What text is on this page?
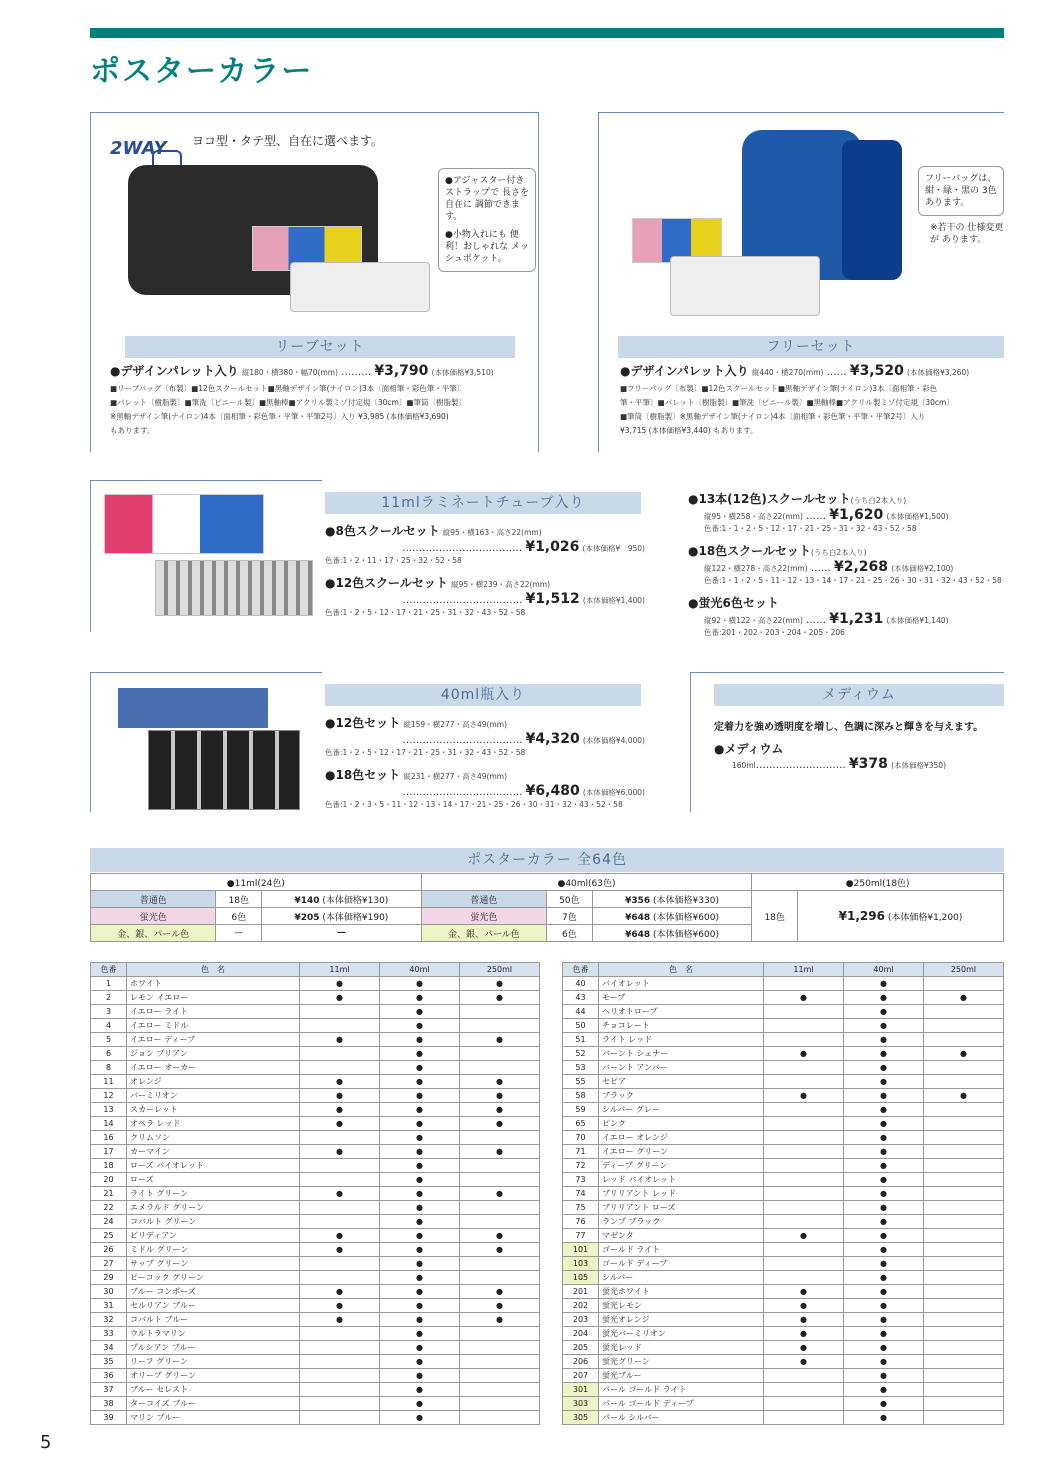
ポスターカラー
2WAY ヨコ型・タテ型、自在に選べます。
●アジャスター付き ストラップで 長さを自在に 調節できます。
●小物入れにも 便利！おしゃれな メッシュポケット。
リーブセット
●デザインパレット入り 縦180・横380・幅70(mm) ……… ¥3,790 (本体価格¥3,510)
■リーブバッグ〔布製〕■12色スクールセット■黒軸デザイン筆(ナイロン)3本〔面相筆・彩色筆・平筆〕
■パレット〔樹脂製〕■筆洗〔ビニール製〕■黒軸棒■アクリル製ミゾ付定規〔30cm〕■筆筒〔樹脂製〕
※黒軸デザイン筆(ナイロン)4本〔面相筆・彩色筆・平筆・平筆2号〕入り ¥3,985 (本体価格¥3,690)
もあります。
フリーバッグは、 紺・緑・黒の 3色あります。
※若干の 仕様変更が あります。
フリーセット
●デザインパレット入り 縦440・横270(mm) …… ¥3,520 (本体価格¥3,260)
■フリーバッグ〔布製〕■12色スクールセット■黒軸デザイン筆(ナイロン)3本〔面相筆・彩色
筆・平筆〕■パレット〔樹脂製〕■筆洗〔ビニール製〕■黒軸棒■アクリル製ミゾ付定規〔30cm〕
■筆筒〔樹脂製〕※黒軸デザイン筆(ナイロン)4本〔面相筆・彩色筆・平筆・平筆2号〕入り
¥3,715 (本体価格¥3,440) もあります。
11mlラミネートチューブ入り
●8色スクールセット 縦95・横163・高さ22(mm)
……………………………… ¥1,026 (本体価格¥　950)
色番:1・2・11・17・25・32・52・58
●12色スクールセット 縦95・横239・高さ22(mm)
……………………………… ¥1,512 (本体価格¥1,400)
色番:1・2・5・12・17・21・25・31・32・43・52・58
●13本(12色)スクールセット(うち白2本入り)
縦95・横258・高さ22(mm) …… ¥1,620 (本体価格¥1,500)
色番:1・1・2・5・12・17・21・25・31・32・43・52・58
●18色スクールセット(うち白2本入り)
縦122・横278・高さ22(mm) …… ¥2,268 (本体価格¥2,100)
色番:1・1・2・5・11・12・13・14・17・21・25・26・30・31・32・43・52・58
●蛍光6色セット
縦92・横122・高さ22(mm) …… ¥1,231 (本体価格¥1,140)
色番:201・202・203・204・205・206
40ml瓶入り
●12色セット 縦159・横277・高さ49(mm)
……………………………… ¥4,320 (本体価格¥4,000)
色番:1・2・5・12・17・21・25・31・32・43・52・58
●18色セット 縦231・横277・高さ49(mm)
……………………………… ¥6,480 (本体価格¥6,000)
色番:1・2・3・5・11・12・13・14・17・21・25・26・30・31・32・43・52・58
メディウム
定着力を強め透明度を増し、色調に深みと輝きを与えます。
●メディウム
160ml……………………… ¥378 (本体価格¥350)
ポスターカラー 全64色
●11ml(24色)			●40ml(63色)			●250ml(18色)	
普通色	18色	¥140 (本体価格¥130)	普通色	50色	¥356 (本体価格¥330)	18色	¥1,296 (本体価格¥1,200)
蛍光色	6色	¥205 (本体価格¥190)	蛍光色	7色	¥648 (本体価格¥600)		
金、銀、パール色	—	—	金、銀、パール色	6色	¥648 (本体価格¥600)		
色番	色　名	11ml	40ml	250ml
1	ホワイト	●	●	●
2	レモン イエロー	●	●	●
3	イエロー ライト		●	
4	イエロー ミドル		●	
5	イエロー ディープ	●	●	●
6	ジョン ブリアン		●	
8	イエロー オーカー		●	
11	オレンジ	●	●	●
12	バーミリオン	●	●	●
13	スカーレット	●	●	●
14	オペラ レッド	●	●	●
16	クリムソン		●	
17	カーマイン	●	●	●
18	ローズ バイオレット		●	
20	ローズ		●	
21	ライト グリーン	●	●	●
22	エメラルド グリーン		●	
24	コバルト グリーン		●	
25	ビリディアン	●	●	●
26	ミドル グリーン	●	●	●
27	サップ グリーン		●	
29	ピーコック グリーン		●	
30	ブルー コンポーズ	●	●	●
31	セルリアン ブルー	●	●	●
32	コバルト ブルー	●	●	●
33	ウルトラマリン		●	
34	プルシアン ブルー		●	
35	リーフ グリーン		●	
36	オリーブ グリーン		●	
37	ブルー セレスト		●	
38	ターコイズ ブルー		●	
39	マリン ブルー		●	
色番	色　名	11ml	40ml	250ml
40	バイオレット		●	
43	モーブ	●	●	●
44	ヘリオトロープ		●	
50	チョコレート		●	
51	ライト レッド		●	
52	バーント シェナー	●	●	●
53	バーント アンバー		●	
55	セピア		●	
58	ブラック	●	●	●
59	シルバー グレー		●	
65	ピンク		●	
70	イエロー オレンジ		●	
71	イエロー グリーン		●	
72	ディープ グリーン		●	
73	レッド バイオレット		●	
74	ブリリアント レッド		●	
75	ブリリアント ローズ		●	
76	ランプ ブラック		●	
77	マゼンタ	●	●	
101	ゴールド ライト		●	
103	ゴールド ディープ		●	
105	シルバー		●	
201	蛍光ホワイト	●	●	
202	蛍光レモン	●	●	
203	蛍光オレンジ	●	●	
204	蛍光バーミリオン	●	●	
205	蛍光レッド	●	●	
206	蛍光グリーン	●	●	
207	蛍光ブルー		●	
301	パール ゴールド ライト		●	
303	パール ゴールド ディープ		●	
305	パール シルバー		●	
5
